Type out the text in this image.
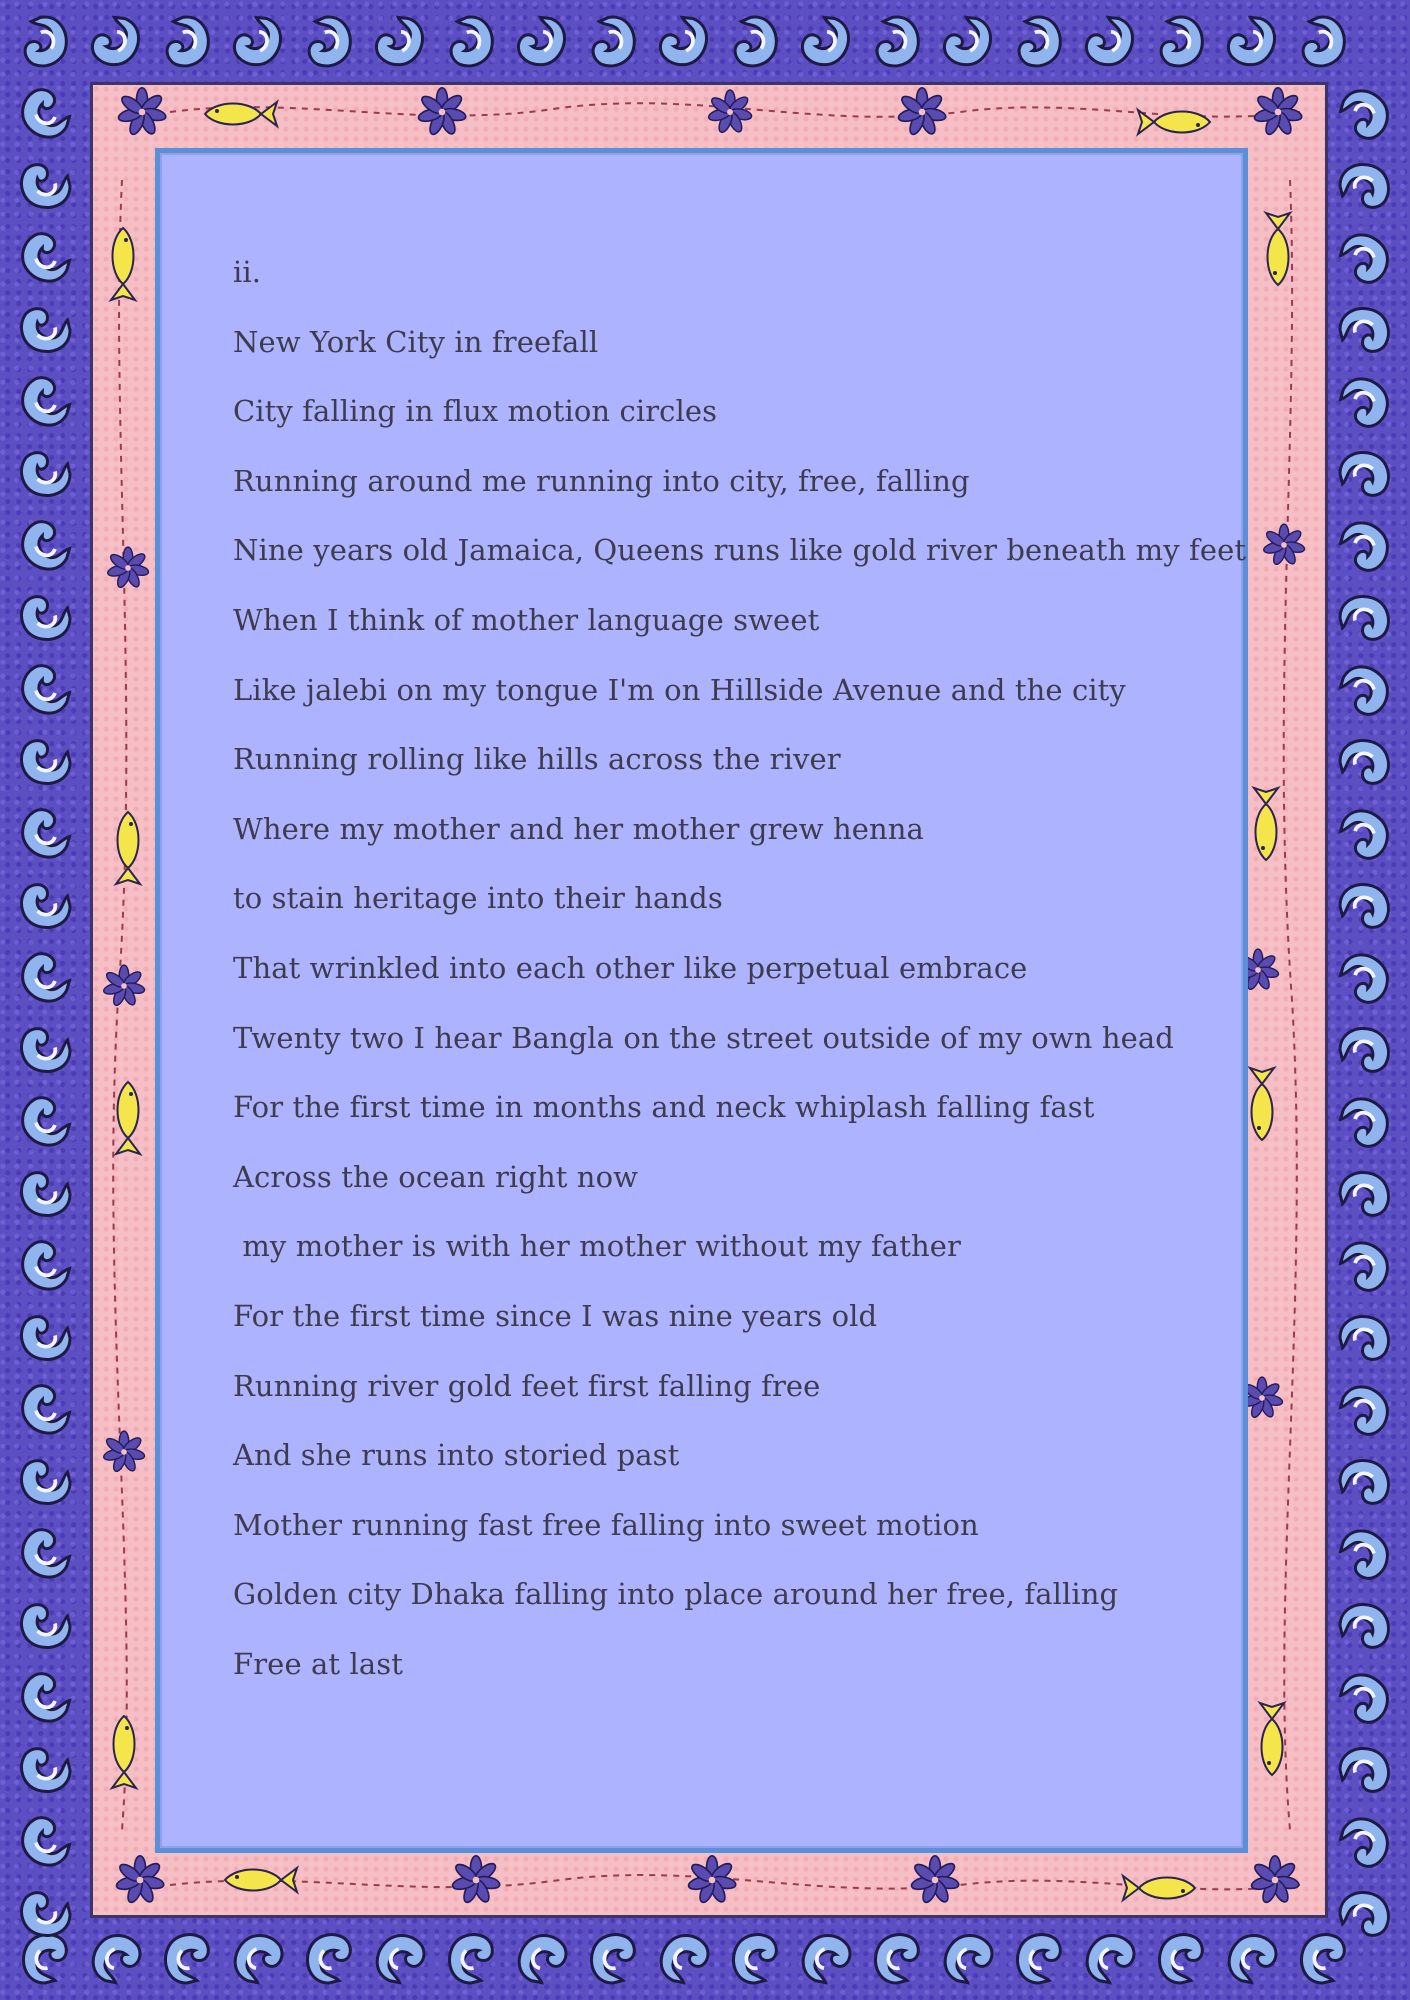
ii.
New York City in freefall
City falling in flux motion circles
Running around me running into city, free, falling
Nine years old Jamaica, Queens runs like gold river beneath my feet
When I think of mother language sweet
Like jalebi on my tongue I'm on Hillside Avenue and the city
Running rolling like hills across the river
Where my mother and her mother grew henna
to stain heritage into their hands
That wrinkled into each other like perpetual embrace
Twenty two I hear Bangla on the street outside of my own head
For the first time in months and neck whiplash falling fast
Across the ocean right now
my mother is with her mother without my father
For the first time since I was nine years old
Running river gold feet first falling free
And she runs into storied past
Mother running fast free falling into sweet motion
Golden city Dhaka falling into place around her free, falling
Free at last
